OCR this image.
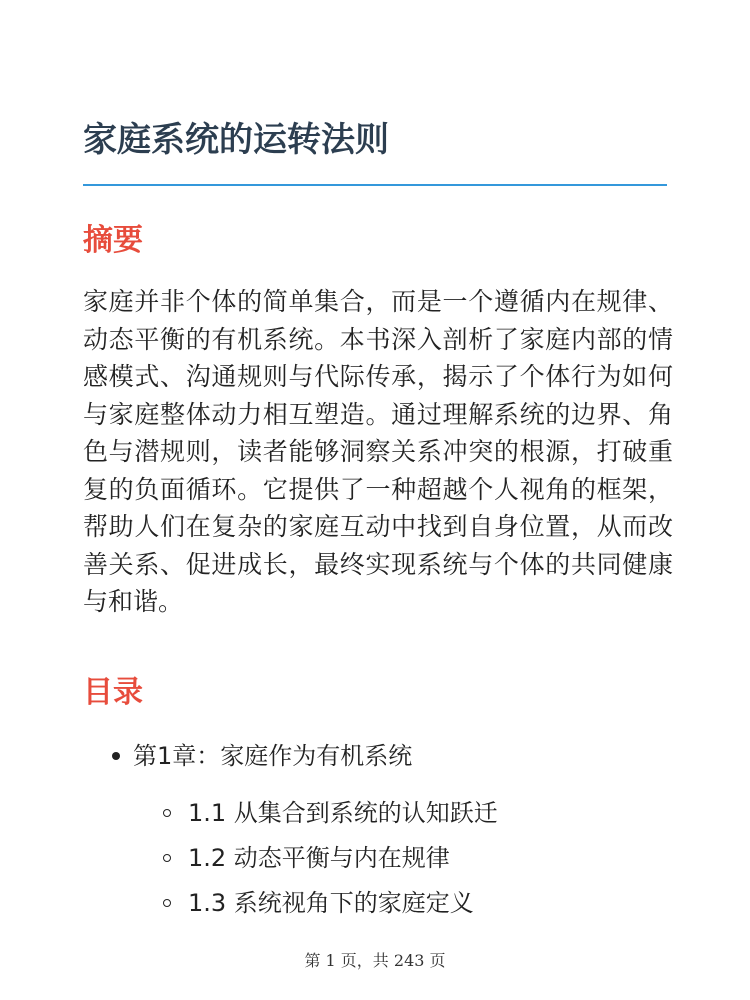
家庭系统的运转法则
摘要

家庭并非个体的简单集合，而是一个遵循内在规律、动态平衡的有机系统。本书深入剖析了家庭内部的情感模式、沟通规则与代际传承，揭示了个体行为如何与家庭整体动力相互塑造。通过理解系统的边界、角色与潜规则，读者能够洞察关系冲突的根源，打破重复的负面循环。它提供了一种超越个人视角的框架，帮助人们在复杂的家庭互动中找到自身位置，从而改善关系、促进成长，最终实现系统与个体的共同健康与和谐。

目录
第1章：家庭作为有机系统
1.1 从集合到系统的认知跃迁
1.2 动态平衡与内在规律
1.3 系统视角下的家庭定义
第 1 页，共 243 页
